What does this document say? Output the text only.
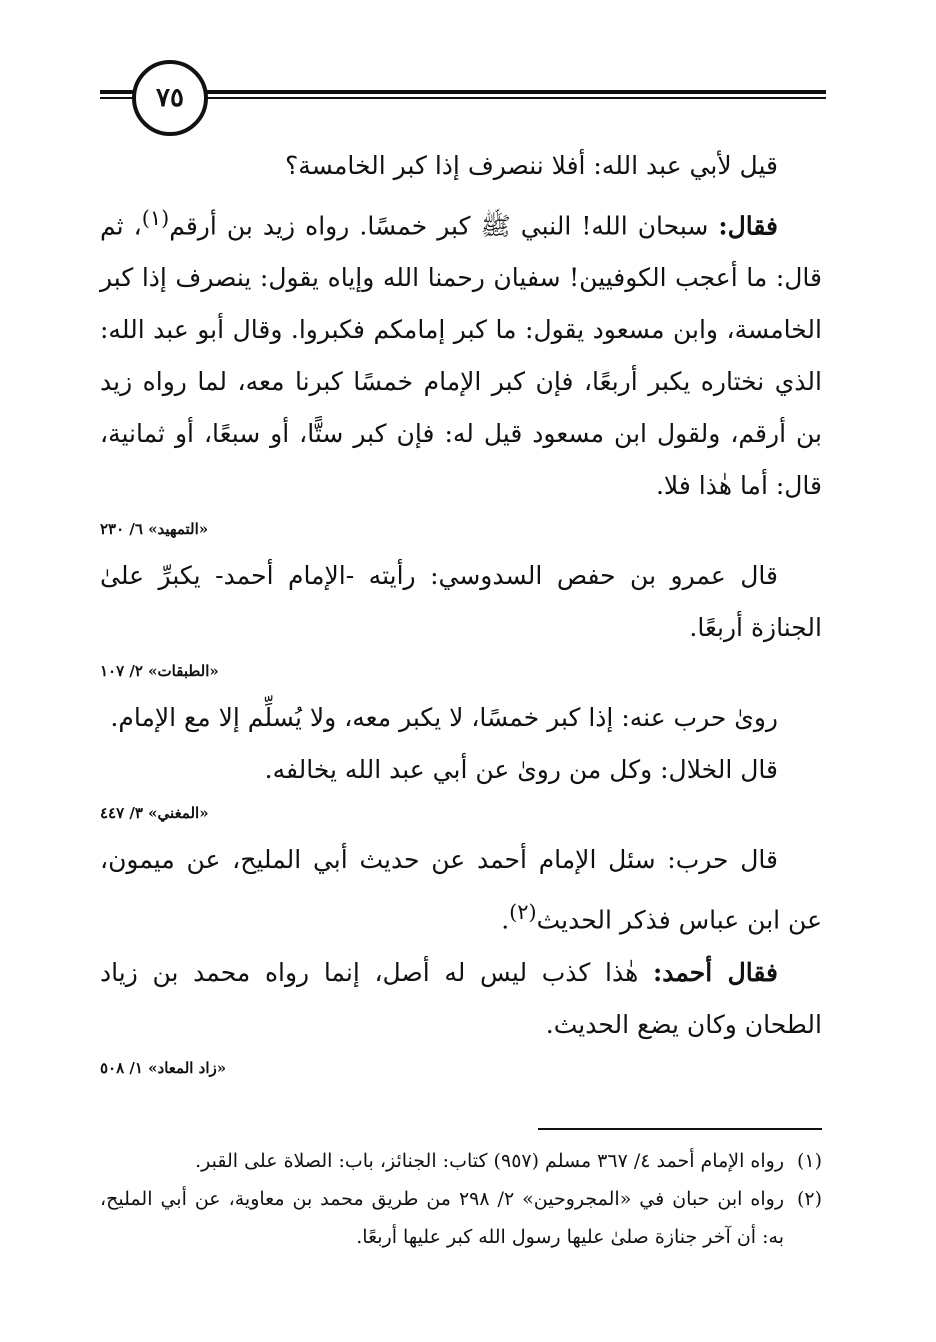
٧٥

قيل لأبي عبد الله: أفلا ننصرف إذا كبر الخامسة؟

فقال: سبحان الله! النبي ﷺ كبر خمسًا. رواه زيد بن أرقم$^{(١)}$، ثم قال: ما أعجب الكوفيين! سفيان رحمنا الله وإياه يقول: ينصرف إذا كبر الخامسة، وابن مسعود يقول: ما كبر إمامكم فكبروا. وقال أبو عبد الله: الذي نختاره يكبر أربعًا، فإن كبر الإمام خمسًا كبرنا معه، لما رواه زيد بن أرقم، ولقول ابن مسعود قيل له: فإن كبر ستًّا، أو سبعًا، أو ثمانية، قال: أما هٰذا فلا.

«التمهيد» ٦/ ٢٣٠

قال عمرو بن حفص السدوسي: رأيته -الإمام أحمد- يكبرِّ علىٰ الجنازة أربعًا.

«الطبقات» ٢/ ١٠٧

رویٰ حرب عنه: إذا كبر خمسًا، لا يكبر معه، ولا يُسلِّم إلا مع الإمام.

قال الخلال: وكل من روىٰ عن أبي عبد الله يخالفه.

«المغني» ٣/ ٤٤٧

قال حرب: سئل الإمام أحمد عن حديث أبي المليح، عن ميمون، عن ابن عباس فذكر الحديث$^{(٢)}$.

فقال أحمد: هٰذا كذب ليس له أصل، إنما رواه محمد بن زياد الطحان وكان يضع الحديث.

«زاد المعاد» ١/ ٥٠٨

(١)
رواه الإمام أحمد ٤/ ٣٦٧ مسلم (٩٥٧) كتاب: الجنائز، باب: الصلاة على القبر.

(٢)
رواه ابن حبان في «المجروحين» ٢/ ٢٩٨ من طريق محمد بن معاوية، عن أبي المليح، به: أن آخر جنازة صلىٰ عليها رسول الله كبر عليها أربعًا.
